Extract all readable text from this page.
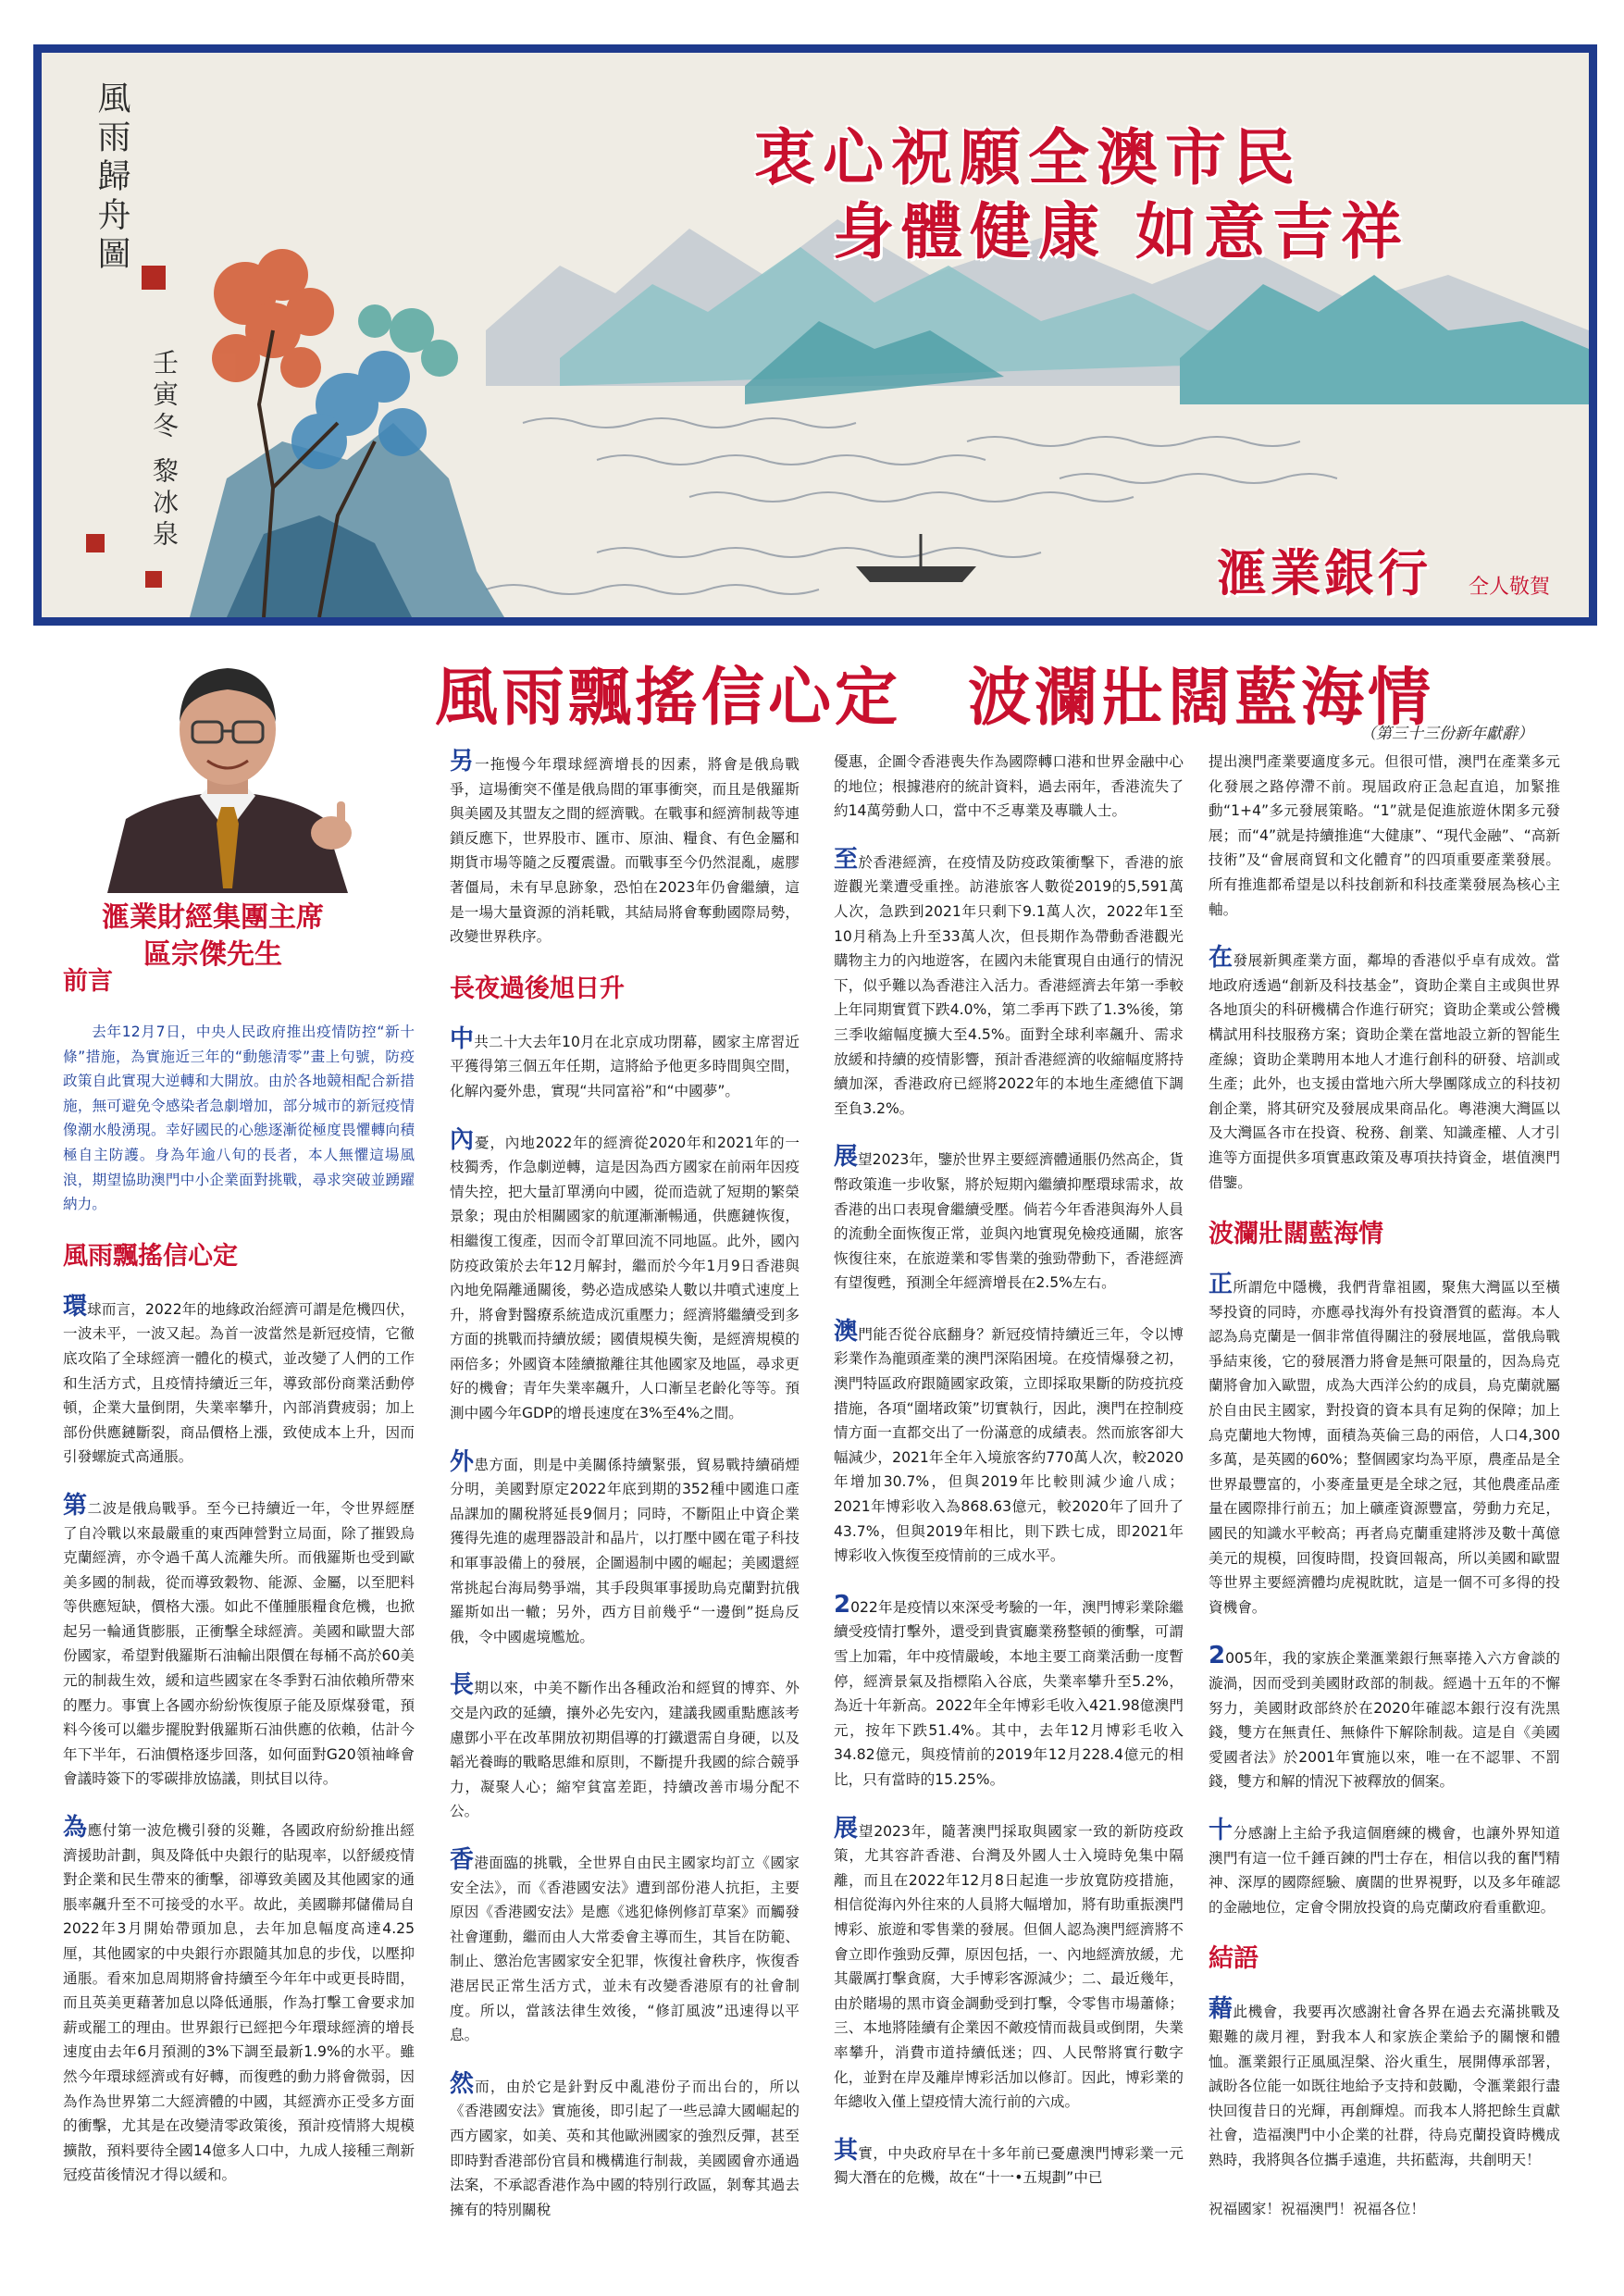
風雨歸舟圖
壬寅冬 黎冰泉
衷心祝願全澳市民
身體健康 如意吉祥
滙業銀行 仝人敬賀
滙業財經集團主席
區宗傑先生
風雨飄搖信心定　波瀾壯闊藍海情
（第三十三份新年獻辭）
前言

去年12月7日，中央人民政府推出疫情防控“新十條”措施，為實施近三年的“動態清零”畫上句號，防疫政策自此實現大逆轉和大開放。由於各地競相配合新措施，無可避免令感染者急劇增加，部分城市的新冠疫情像潮水般湧現。幸好國民的心態逐漸從極度畏懼轉向積極自主防護。身為年逾八旬的長者，本人無懼這場風浪，期望協助澳門中小企業面對挑戰，尋求突破並踴躍納力。

風雨飄搖信心定

環球而言，2022年的地緣政治經濟可謂是危機四伏，一波未平，一波又起。為首一波當然是新冠疫情，它徹底攻陷了全球經濟一體化的模式，並改變了人們的工作和生活方式，且疫情持續近三年，導致部份商業活動停頓，企業大量倒閉，失業率攀升，內部消費疲弱；加上部份供應鏈斷裂，商品價格上漲，致使成本上升，因而引發螺旋式高通脹。

第二波是俄烏戰爭。至今已持續近一年，令世界經歷了自冷戰以來最嚴重的東西陣營對立局面，除了摧毀烏克蘭經濟，亦令過千萬人流離失所。而俄羅斯也受到歐美多國的制裁，從而導致穀物、能源、金屬，以至肥料等供應短缺，價格大漲。如此不僅腫脹糧食危機，也掀起另一輪通貨膨脹，正衝擊全球經濟。美國和歐盟大部份國家，希望對俄羅斯石油輸出限價在每桶不高於60美元的制裁生效，緩和這些國家在冬季對石油依賴所帶來的壓力。事實上各國亦紛紛恢復原子能及原煤發電，預料今後可以繼步擺脫對俄羅斯石油供應的依賴，估計今年下半年，石油價格逐步回落，如何面對G20領袖峰會會議時簽下的零碳排放協議，則拭目以待。

為應付第一波危機引發的災難，各國政府紛紛推出經濟援助計劃，與及降低中央銀行的貼現率，以舒緩疫情對企業和民生帶來的衝擊，卻導致美國及其他國家的通脹率飆升至不可接受的水平。故此，美國聯邦儲備局自2022年3月開始帶頭加息，去年加息幅度高達4.25厘，其他國家的中央銀行亦跟隨其加息的步伐，以壓抑通脹。看來加息周期將會持續至今年年中或更長時間，而且英美更藉著加息以降低通脹，作為打擊工會要求加薪或罷工的理由。世界銀行已經把今年環球經濟的增長速度由去年6月預測的3%下調至最新1.9%的水平。雖然今年環球經濟或有好轉，而復甦的動力將會微弱，因為作為世界第二大經濟體的中國，其經濟亦正受多方面的衝擊，尤其是在改變清零政策後，預計疫情將大規模擴散，預料要待全國14億多人口中，九成人接種三劑新冠疫苗後情況才得以緩和。

另一拖慢今年環球經濟增長的因素，將會是俄烏戰爭，這場衝突不僅是俄烏間的軍事衝突，而且是俄羅斯與美國及其盟友之間的經濟戰。在戰事和經濟制裁等連鎖反應下，世界股市、匯市、原油、糧食、有色金屬和期貨市場等隨之反覆震盪。而戰事至今仍然混亂，處膠著僵局，未有早息跡象，恐怕在2023年仍會繼續，這是一場大量資源的消耗戰，其結局將會奪動國際局勢，改變世界秩序。

長夜過後旭日升

中共二十大去年10月在北京成功閉幕，國家主席習近平獲得第三個五年任期，這將給予他更多時間與空間，化解內憂外患，實現“共同富裕”和“中國夢”。

內憂，內地2022年的經濟從2020年和2021年的一枝獨秀，作急劇逆轉，這是因為西方國家在前兩年因疫情失控，把大量訂單湧向中國，從而造就了短期的繁榮景象；現由於相關國家的航運漸漸暢通，供應鏈恢復，相繼復工復產，因而令訂單回流不同地區。此外，國內防疫政策於去年12月解封，繼而於今年1月9日香港與內地免隔離通關後，勢必造成感染人數以井噴式速度上升，將會對醫療系統造成沉重壓力；經濟將繼續受到多方面的挑戰而持續放緩；國債規模失衡，是經濟規模的兩倍多；外國資本陸續撤離往其他國家及地區，尋求更好的機會；青年失業率飆升，人口漸呈老齡化等等。預測中國今年GDP的增長速度在3%至4%之間。

外患方面，則是中美關係持續緊張，貿易戰持續硝煙分明，美國對原定2022年底到期的352種中國進口產品課加的關稅將延長9個月；同時，不斷阻止中資企業獲得先進的處理器設計和晶片，以打壓中國在電子科技和軍事設備上的發展，企圖遏制中國的崛起；美國還經常挑起台海局勢爭端，其手段與軍事援助烏克蘭對抗俄羅斯如出一轍；另外，西方目前幾乎“一邊倒”挺烏反俄，令中國處境尷尬。

長期以來，中美不斷作出各種政治和經貿的博弈、外交是內政的延續，攘外必先安內，建議我國重點應該考慮鄧小平在改革開放初期倡導的打鐵還需自身硬，以及韜光養晦的戰略思維和原則，不斷提升我國的綜合競爭力，凝聚人心；縮窄貧富差距，持續改善市場分配不公。

香港面臨的挑戰，全世界自由民主國家均訂立《國家安全法》，而《香港國安法》遭到部份港人抗拒，主要原因《香港國安法》是應《逃犯條例修訂草案》而觸發社會運動，繼而由人大常委會主導而生，其旨在防範、制止、懲治危害國家安全犯罪，恢復社會秩序，恢復香港居民正常生活方式，並未有改變香港原有的社會制度。所以，當該法律生效後，“修訂風波”迅速得以平息。

然而，由於它是針對反中亂港份子而出台的，所以《香港國安法》實施後，即引起了一些忌諱大國崛起的西方國家，如美、英和其他歐洲國家的強烈反彈，甚至即時對香港部份官員和機構進行制裁，美國國會亦通過法案，不承認香港作為中國的特別行政區，剝奪其過去擁有的特別關稅

優惠，企圖令香港喪失作為國際轉口港和世界金融中心的地位；根據港府的統計資料，過去兩年，香港流失了約14萬勞動人口，當中不乏專業及專職人士。

至於香港經濟，在疫情及防疫政策衝擊下，香港的旅遊觀光業遭受重挫。訪港旅客人數從2019的5,591萬人次，急跌到2021年只剩下9.1萬人次，2022年1至10月稍為上升至33萬人次，但長期作為帶動香港觀光購物主力的內地遊客，在國內未能實現自由通行的情況下，似乎難以為香港注入活力。香港經濟去年第一季較上年同期實質下跌4.0%，第二季再下跌了1.3%後，第三季收縮幅度擴大至4.5%。面對全球利率飆升、需求放緩和持續的疫情影響，預計香港經濟的收縮幅度將持續加深，香港政府已經將2022年的本地生產總值下調至負3.2%。

展望2023年，鑒於世界主要經濟體通脹仍然高企，貨幣政策進一步收緊，將於短期內繼續抑壓環球需求，故香港的出口表現會繼續受壓。倘若今年香港與海外人員的流動全面恢復正常，並與內地實現免檢疫通關，旅客恢復往來，在旅遊業和零售業的強勁帶動下，香港經濟有望復甦，預測全年經濟增長在2.5%左右。

澳門能否從谷底翻身？新冠疫情持續近三年，令以博彩業作為龍頭產業的澳門深陷困境。在疫情爆發之初，澳門特區政府跟隨國家政策，立即採取果斷的防疫抗疫措施，各項“圍堵政策”切實執行，因此，澳門在控制疫情方面一直都交出了一份滿意的成績表。然而旅客卻大幅減少，2021年全年入境旅客約770萬人次，較2020年增加30.7%，但與2019年比較則減少逾八成；2021年博彩收入為868.63億元，較2020年了回升了43.7%，但與2019年相比，則下跌七成，即2021年博彩收入恢復至疫情前的三成水平。

2022年是疫情以來深受考驗的一年，澳門博彩業除繼續受疫情打擊外，還受到貴賓廳業務整頓的衝擊，可謂雪上加霜，年中疫情嚴峻，本地主要工商業活動一度暫停，經濟景氣及指標陷入谷底，失業率攀升至5.2%，為近十年新高。2022年全年博彩毛收入421.98億澳門元，按年下跌51.4%。其中，去年12月博彩毛收入34.82億元，與疫情前的2019年12月228.4億元的相比，只有當時的15.25%。

展望2023年，隨著澳門採取與國家一致的新防疫政策，尤其容許香港、台灣及外國人士入境時免集中隔離，而且在2022年12月8日起進一步放寬防疫措施，相信從海內外往來的人員將大幅增加，將有助重振澳門博彩、旅遊和零售業的發展。但個人認為澳門經濟將不會立即作強勁反彈，原因包括，一、內地經濟放緩，尤其嚴厲打擊貪腐，大手博彩客源減少；二、最近幾年，由於賭場的黑市資金調動受到打擊，令零售市場蕭條；三、本地將陸續有企業因不敵疫情而裁員或倒閉，失業率攀升，消費市道持續低迷；四、人民幣將實行數字化，並對在岸及離岸博彩活加以修訂。因此，博彩業的年總收入僅上望疫情大流行前的六成。

其實，中央政府早在十多年前已憂慮澳門博彩業一元獨大潛在的危機，故在“十一•五規劃”中已

提出澳門產業要適度多元。但很可惜，澳門在產業多元化發展之路停滯不前。現屆政府正急起直追，加緊推動“1+4”多元發展策略。“1”就是促進旅遊休閑多元發展；而“4”就是持續推進“大健康”、“現代金融”、“高新技術”及“會展商貿和文化體育”的四項重要產業發展。所有推進都希望是以科技創新和科技產業發展為核心主軸。

在發展新興產業方面，鄰埠的香港似乎卓有成效。當地政府透過“創新及科技基金”，資助企業自主或與世界各地頂尖的科研機構合作進行研究；資助企業或公營機構試用科技服務方案；資助企業在當地設立新的智能生產線；資助企業聘用本地人才進行創科的研發、培訓或生產；此外，也支援由當地六所大學團隊成立的科技初創企業，將其研究及發展成果商品化。粵港澳大灣區以及大灣區各市在投資、稅務、創業、知識產權、人才引進等方面提供多項實惠政策及專項扶持資金，堪值澳門借鑒。

波瀾壯闊藍海情

正所謂危中隱機，我們背靠祖國，聚焦大灣區以至橫琴投資的同時，亦應尋找海外有投資潛質的藍海。本人認為烏克蘭是一個非常值得關注的發展地區，當俄烏戰爭結束後，它的發展潛力將會是無可限量的，因為烏克蘭將會加入歐盟，成為大西洋公約的成員，烏克蘭就屬於自由民主國家，對投資的資本具有足夠的保障；加上烏克蘭地大物博，面積為英倫三島的兩倍，人口4,300多萬，是英國的60%；整個國家均為平原，農產品是全世界最豐富的，小麥產量更是全球之冠，其他農產品產量在國際排行前五；加上礦產資源豐富，勞動力充足，國民的知識水平較高；再者烏克蘭重建將涉及數十萬億美元的規模，回復時間，投資回報高，所以美國和歐盟等世界主要經濟體均虎視眈眈，這是一個不可多得的投資機會。

2005年，我的家族企業滙業銀行無辜捲入六方會談的漩渦，因而受到美國財政部的制裁。經過十五年的不懈努力，美國財政部終於在2020年確認本銀行沒有洗黑錢，雙方在無責任、無條件下解除制裁。這是自《美國愛國者法》於2001年實施以來，唯一在不認罪、不罰錢，雙方和解的情況下被釋放的個案。

十分感謝上主給予我這個磨練的機會，也讓外界知道澳門有這一位千錘百鍊的門士存在，相信以我的奮鬥精神、深厚的國際經驗、廣闊的世界視野，以及多年確認的金融地位，定會令開放投資的烏克蘭政府看重歡迎。

結語

藉此機會，我要再次感謝社會各界在過去充滿挑戰及艱難的歲月裡，對我本人和家族企業給予的關懷和體恤。滙業銀行正風風涅槃、浴火重生，展開傳承部署，誠盼各位能一如既往地給予支持和鼓勵，令滙業銀行盡快回復昔日的光輝，再創輝煌。而我本人將把餘生貢獻社會，造福澳門中小企業的社群，待烏克蘭投資時機成熟時，我將與各位攜手遠進，共拓藍海，共創明天！

祝福國家！祝福澳門！祝福各位！
